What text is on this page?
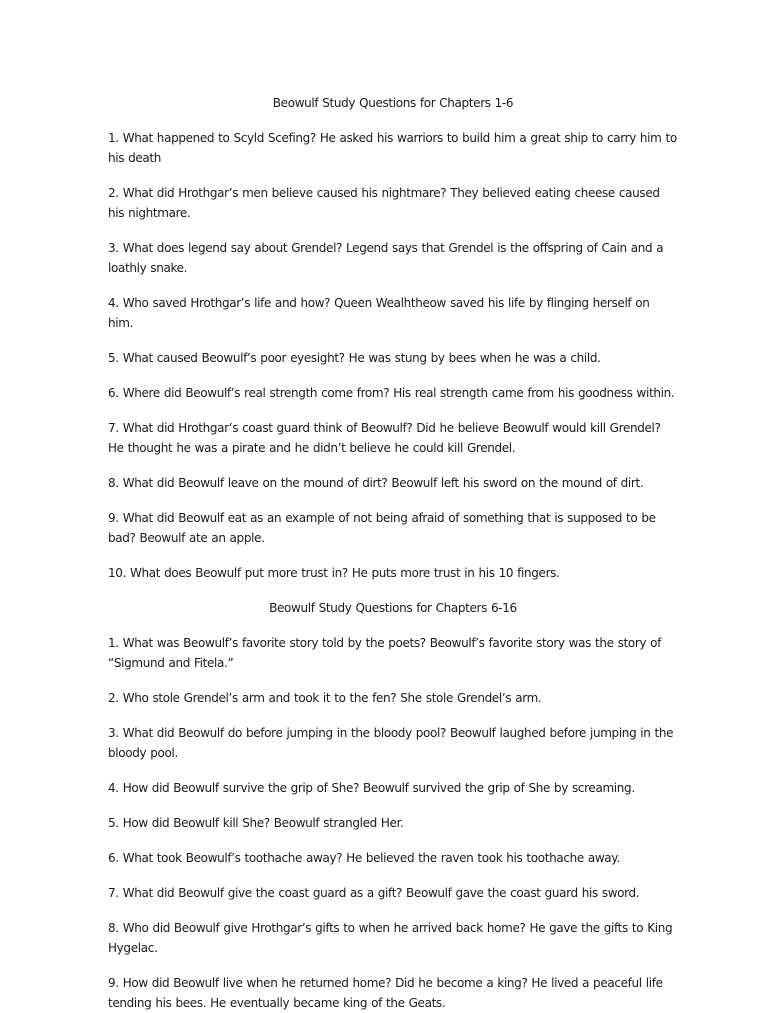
Beowulf Study Questions for Chapters 1-6

1. What happened to Scyld Scefing? He asked his warriors to build him a great ship to carry him to his death

2. What did Hrothgar’s men believe caused his nightmare? They believed eating cheese caused his nightmare.

3. What does legend say about Grendel? Legend says that Grendel is the offspring of Cain and a loathly snake.

4. Who saved Hrothgar’s life and how? Queen Wealhtheow saved his life by flinging herself on him.

5. What caused Beowulf’s poor eyesight? He was stung by bees when he was a child.

6. Where did Beowulf’s real strength come from? His real strength came from his goodness within.

7. What did Hrothgar’s coast guard think of Beowulf? Did he believe Beowulf would kill Grendel? He thought he was a pirate and he didn’t believe he could kill Grendel.

8. What did Beowulf leave on the mound of dirt? Beowulf left his sword on the mound of dirt.

9. What did Beowulf eat as an example of not being afraid of something that is supposed to be bad? Beowulf ate an apple.

10. What does Beowulf put more trust in? He puts more trust in his 10 fingers.

Beowulf Study Questions for Chapters 6-16

1. What was Beowulf’s favorite story told by the poets? Beowulf’s favorite story was the story of “Sigmund and Fitela.”

2. Who stole Grendel’s arm and took it to the fen? She stole Grendel’s arm.

3. What did Beowulf do before jumping in the bloody pool? Beowulf laughed before jumping in the bloody pool.

4. How did Beowulf survive the grip of She? Beowulf survived the grip of She by screaming.

5. How did Beowulf kill She? Beowulf strangled Her.

6. What took Beowulf’s toothache away? He believed the raven took his toothache away.

7. What did Beowulf give the coast guard as a gift? Beowulf gave the coast guard his sword.

8. Who did Beowulf give Hrothgar’s gifts to when he arrived back home? He gave the gifts to King Hygelac.

9. How did Beowulf live when he returned home? Did he become a king? He lived a peaceful life tending his bees. He eventually became king of the Geats.
